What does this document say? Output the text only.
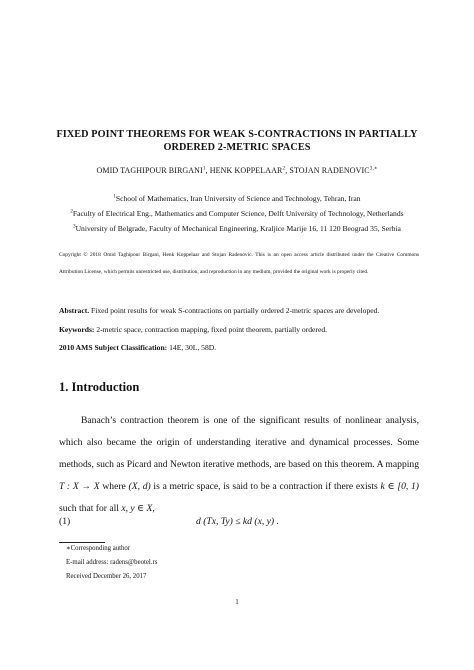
FIXED POINT THEOREMS FOR WEAK S-CONTRACTIONS IN PARTIALLY
ORDERED 2-METRIC SPACES
OMID TAGHIPOUR BIRGANI$^1$, HENK KOPPELAAR$^2$, STOJAN $RADENOVIC^{3,∗}$
$^1$School of Mathematics, Iran University of Science and Technology, Tehran, Iran
$^2$Faculty of Electrical Eng., Mathematics and Computer Science, Delft University of Technology, Netherlands
$^3$University of Belgrade, Faculty of Mechanical Engineering, Kraljice Marije 16, 11 120 Beograd 35, Serbia
Copyright © 2018 Omid Taghipour Birgani, Henk Koppelaar and Stojan Radenovic. This is an open access article distributed under the Creative Commons Attribution License, which permits unrestricted use, distribution, and reproduction in any medium, provided the original work is properly cited.
Abstract. Fixed point results for weak S-contractions on partially ordered 2-metric spaces are developed.
Keywords: 2-metric space, contraction mapping, fixed point theorem, partially ordered.
2010 AMS Subject Classification: 14E, 30L, 58D.
1. Introduction
Banach’s contraction theorem is one of the significant results of nonlinear analysis, which also became the origin of understanding iterative and dynamical processes. Some methods, such as Picard and Newton iterative methods, are based on this theorem. A mapping T : X → X where (X, d) is a metric space, is said to be a contraction if there exists k ∈ [0, 1) such that for all x, y ∈ X,
(1)	d (Tx, Ty) ≤ kd (x, y) .
∗Corresponding author
E-mail address: radens@beotel.rs
Received December 26, 2017
1
